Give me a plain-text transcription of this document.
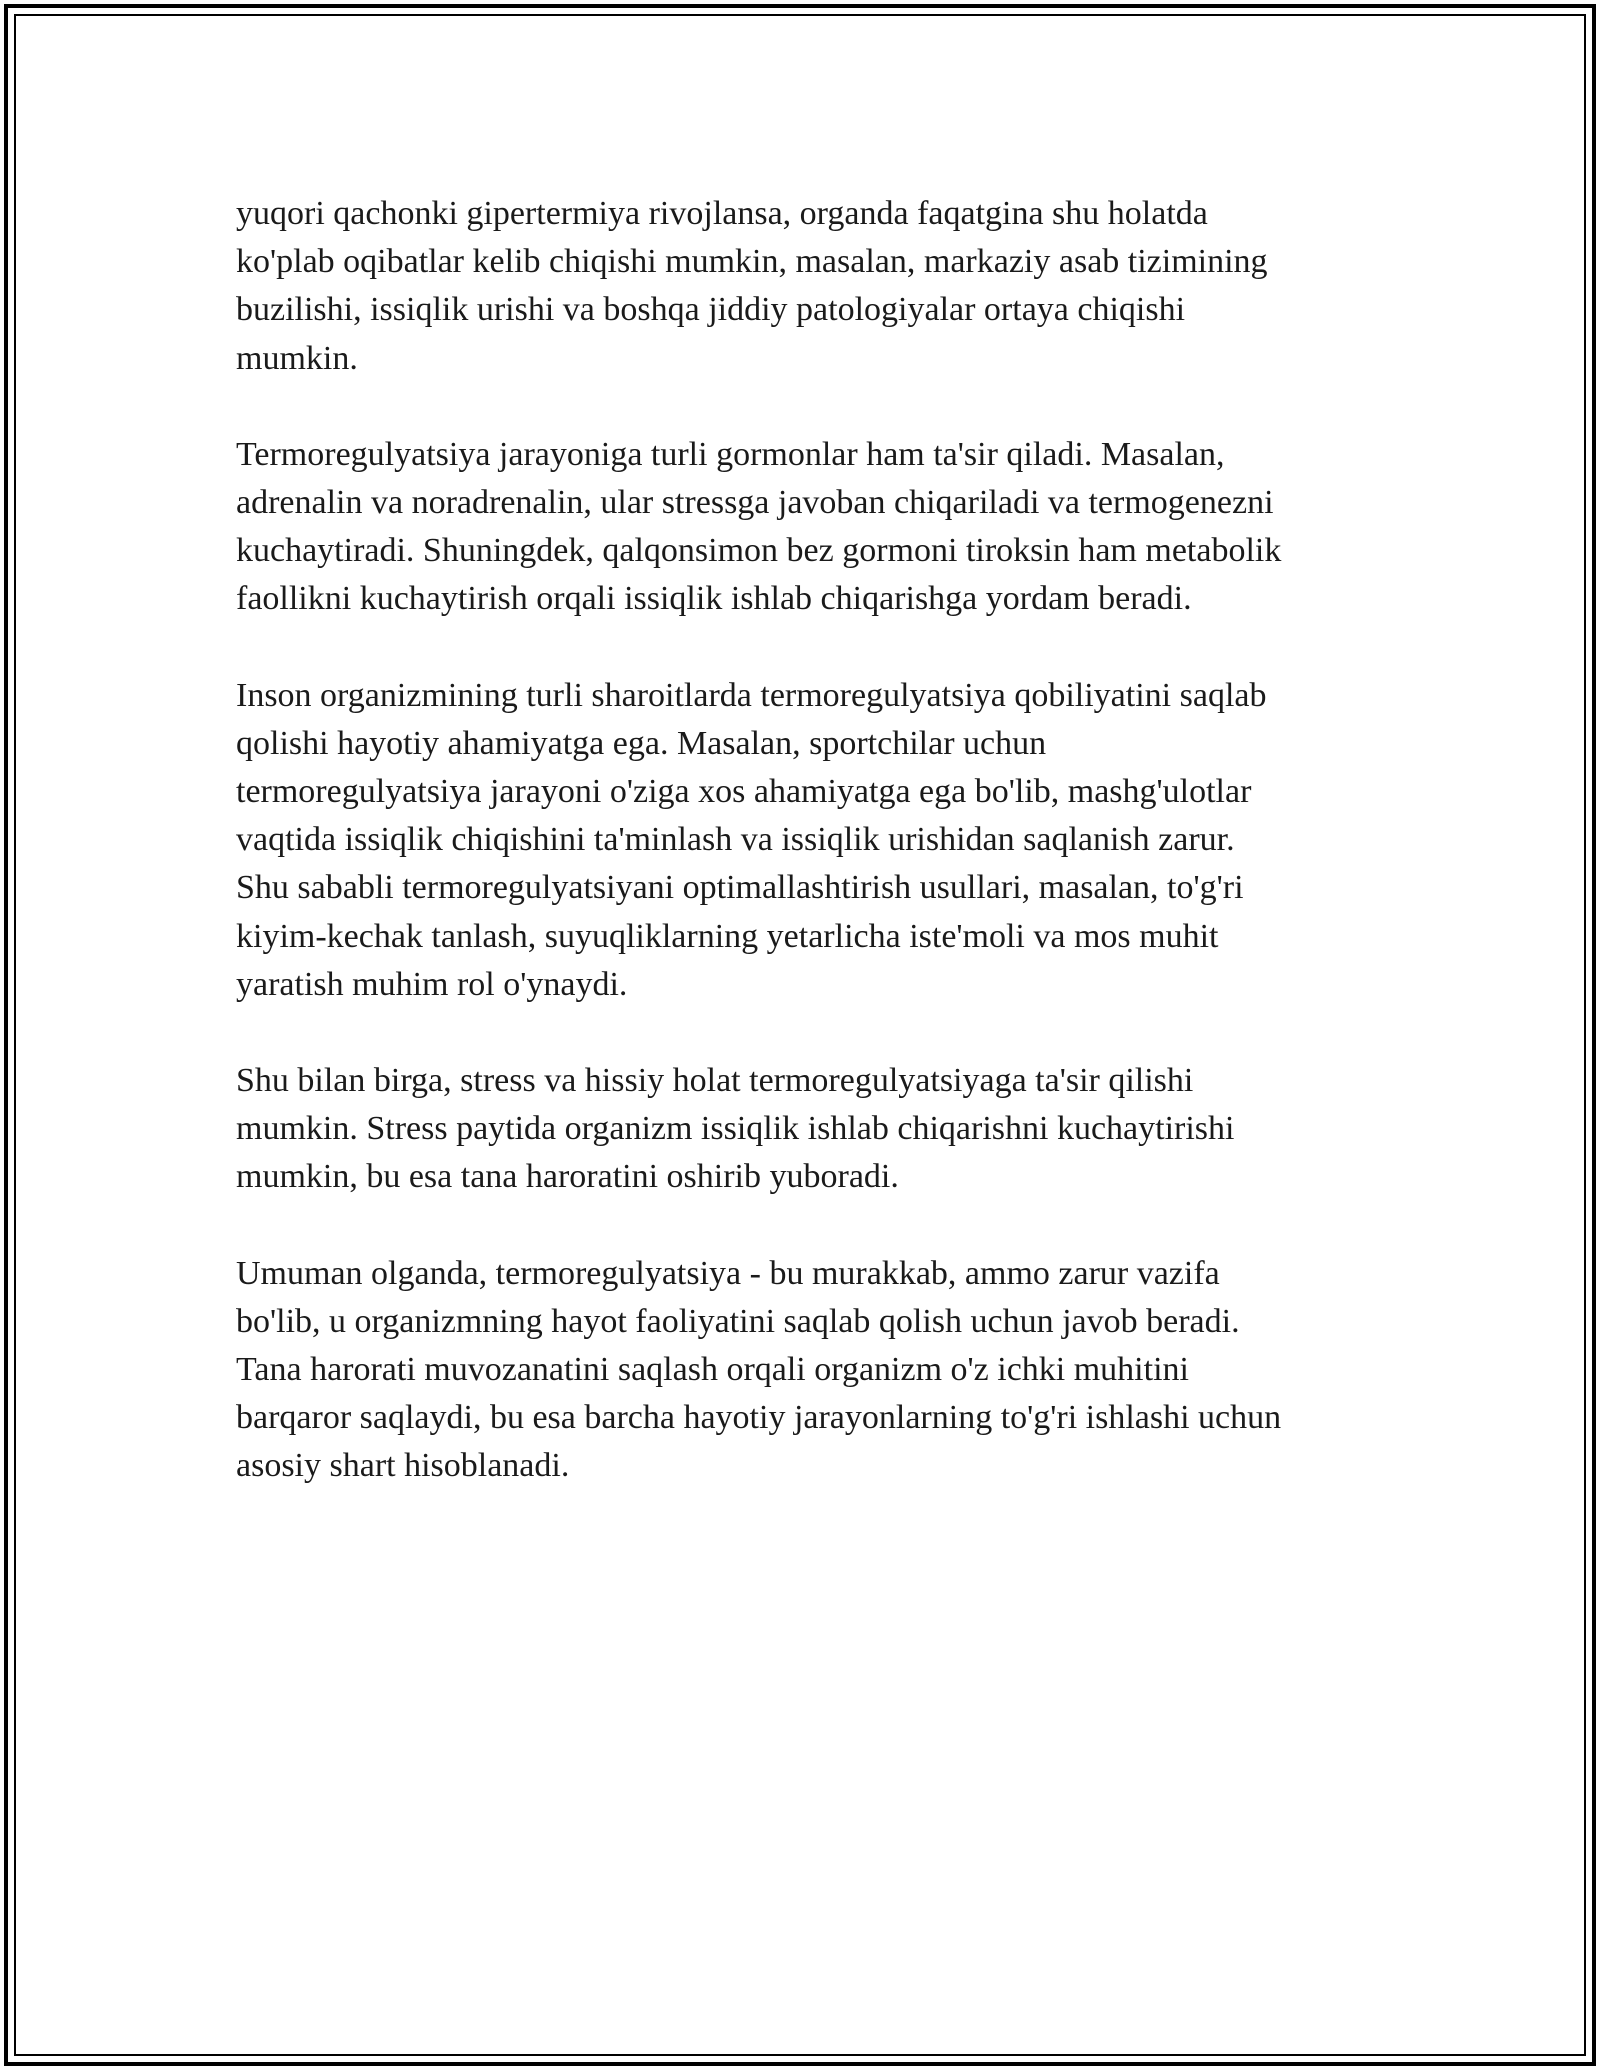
yuqori qachonki gipertermiya rivojlansa, organda faqatgina shu holatda
ko'plab oqibatlar kelib chiqishi mumkin, masalan, markaziy asab tizimining
buzilishi, issiqlik urishi va boshqa jiddiy patologiyalar ortaya chiqishi
mumkin.

Termoregulyatsiya jarayoniga turli gormonlar ham ta'sir qiladi. Masalan,
adrenalin va noradrenalin, ular stressga javoban chiqariladi va termogenezni
kuchaytiradi. Shuningdek, qalqonsimon bez gormoni tiroksin ham metabolik
faollikni kuchaytirish orqali issiqlik ishlab chiqarishga yordam beradi.

Inson organizmining turli sharoitlarda termoregulyatsiya qobiliyatini saqlab
qolishi hayotiy ahamiyatga ega. Masalan, sportchilar uchun
termoregulyatsiya jarayoni o'ziga xos ahamiyatga ega bo'lib, mashg'ulotlar
vaqtida issiqlik chiqishini ta'minlash va issiqlik urishidan saqlanish zarur.
Shu sababli termoregulyatsiyani optimallashtirish usullari, masalan, to'g'ri
kiyim-kechak tanlash, suyuqliklarning yetarlicha iste'moli va mos muhit
yaratish muhim rol o'ynaydi.

Shu bilan birga, stress va hissiy holat termoregulyatsiyaga ta'sir qilishi
mumkin. Stress paytida organizm issiqlik ishlab chiqarishni kuchaytirishi
mumkin, bu esa tana haroratini oshirib yuboradi.

Umuman olganda, termoregulyatsiya - bu murakkab, ammo zarur vazifa
bo'lib, u organizmning hayot faoliyatini saqlab qolish uchun javob beradi.
Tana harorati muvozanatini saqlash orqali organizm o'z ichki muhitini
barqaror saqlaydi, bu esa barcha hayotiy jarayonlarning to'g'ri ishlashi uchun
asosiy shart hisoblanadi.
